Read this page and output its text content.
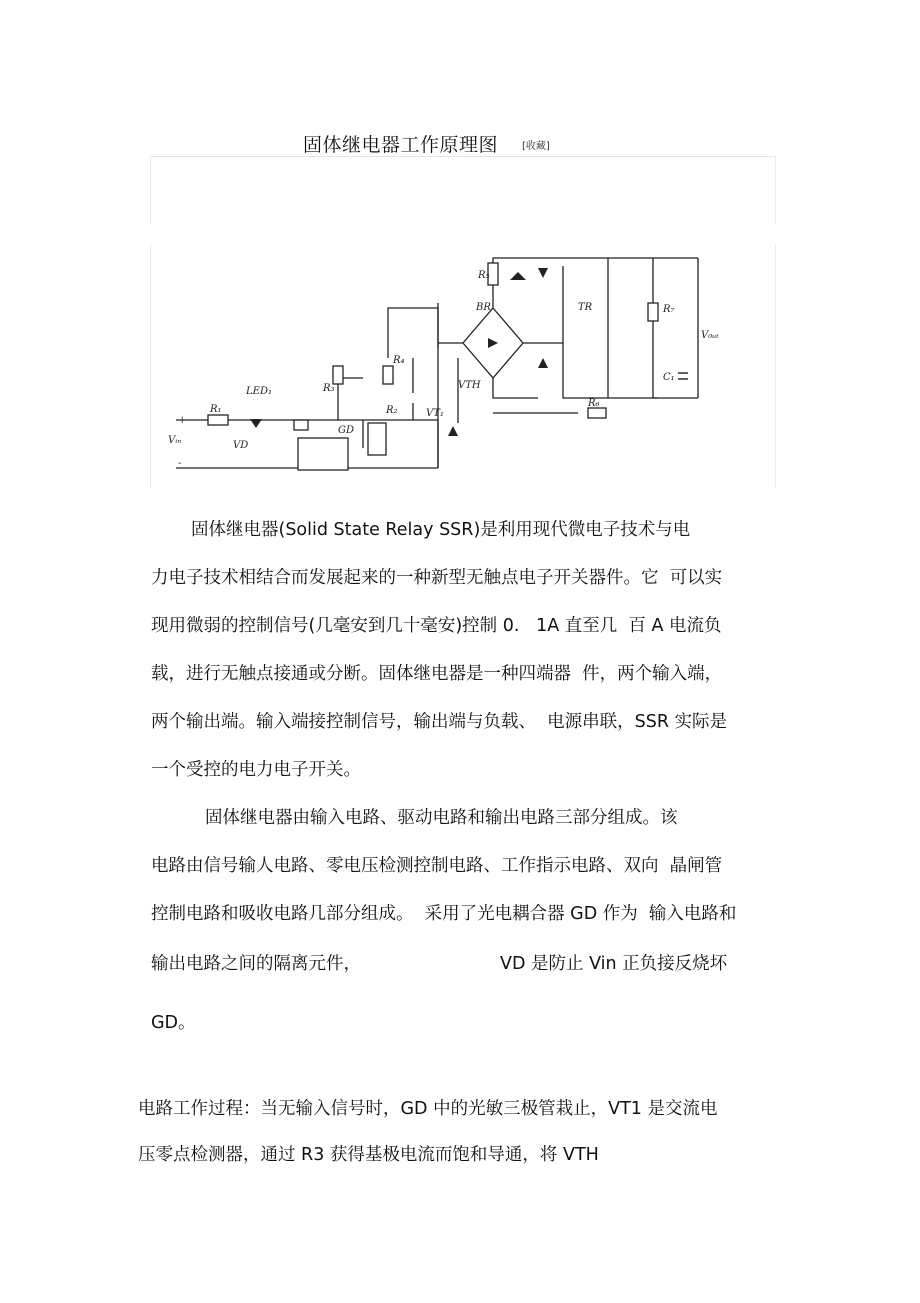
固体继电器工作原理图 [收藏]
R₁
LED₁
VD
GD
R₂
R₃
R₄
VT₁
VTH
R₅
BR	TR
R₆
R₇
C₁
Vᵢₙ
V₀ᵤₜ
+
-
固体继电器(Solid State Relay SSR)是利用现代微电子技术与电
力电子技术相结合而发展起来的一种新型无触点电子开关器件。它  可以实
现用微弱的控制信号(几毫安到几十毫安)控制 0.   1A 直至几  百 A 电流负
载，进行无触点接通或分断。固体继电器是一种四端器  件，两个输入端，
两个输出端。输入端接控制信号，输出端与负载、  电源串联，SSR 实际是
一个受控的电力电子开关。
固体继电器由输入电路、驱动电路和输出电路三部分组成。该
电路由信号输人电路、零电压检测控制电路、工作指示电路、双向  晶闸管
控制电路和吸收电路几部分组成。  采用了光电耦合器 GD 作为  输入电路和
输出电路之间的隔离元件，	VD 是防止 Vin 正负接反烧坏
GD。
电路工作过程：当无输入信号时，GD 中的光敏三极管栽止，VT1 是交流电
压零点检测器，通过 R3 获得基极电流而饱和导通，将 VTH
